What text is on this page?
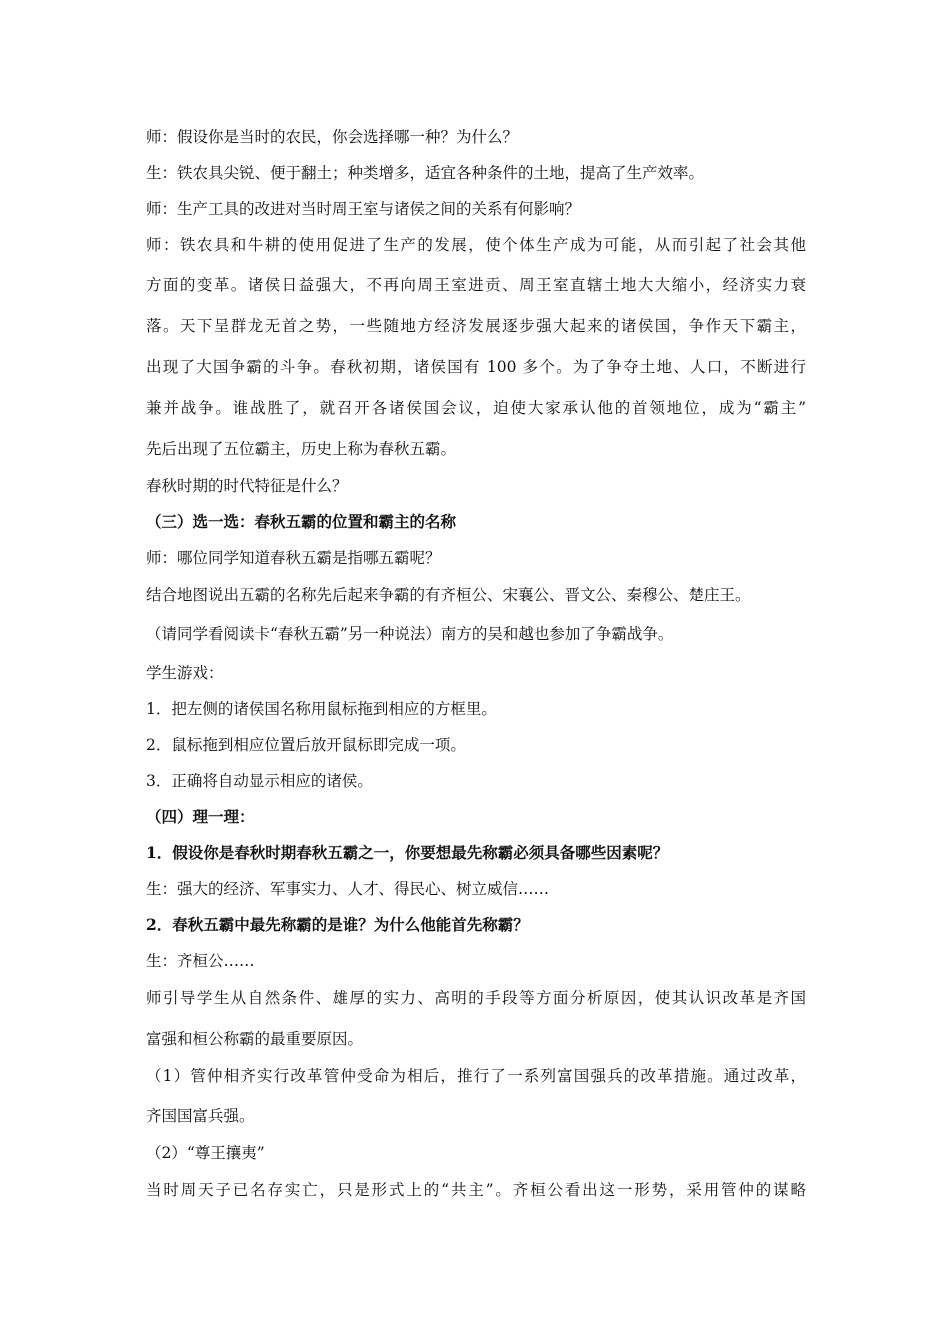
师：假设你是当时的农民，你会选择哪一种？为什么？
生：铁农具尖锐、便于翻土；种类增多，适宜各种条件的土地，提高了生产效率。
师：生产工具的改进对当时周王室与诸侯之间的关系有何影响？
师：铁农具和牛耕的使用促进了生产的发展，使个体生产成为可能，从而引起了社会其他
方面的变革。诸侯日益强大，不再向周王室进贡、周王室直辖土地大大缩小，经济实力衰
落。天下呈群龙无首之势，一些随地方经济发展逐步强大起来的诸侯国，争作天下霸主，
出现了大国争霸的斗争。春秋初期，诸侯国有 100 多个。为了争夺土地、人口，不断进行
兼并战争。谁战胜了，就召开各诸侯国会议，迫使大家承认他的首领地位，成为“霸主”
先后出现了五位霸主，历史上称为春秋五霸。
春秋时期的时代特征是什么？
（三）选一选：春秋五霸的位置和霸主的名称
师：哪位同学知道春秋五霸是指哪五霸呢？
结合地图说出五霸的名称先后起来争霸的有齐桓公、宋襄公、晋文公、秦穆公、楚庄王。
（请同学看阅读卡“春秋五霸”另一种说法）南方的吴和越也参加了争霸战争。
学生游戏：
1．把左侧的诸侯国名称用鼠标拖到相应的方框里。
2．鼠标拖到相应位置后放开鼠标即完成一项。
3．正确将自动显示相应的诸侯。
（四）理一理：
1．假设你是春秋时期春秋五霸之一，你要想最先称霸必须具备哪些因素呢？
生：强大的经济、军事实力、人才、得民心、树立威信……
2．春秋五霸中最先称霸的是谁？为什么他能首先称霸？
生：齐桓公……
师引导学生从自然条件、雄厚的实力、高明的手段等方面分析原因，使其认识改革是齐国
富强和桓公称霸的最重要原因。
（1）管仲相齐实行改革管仲受命为相后，推行了一系列富国强兵的改革措施。通过改革，
齐国国富兵强。
（2）“尊王攘夷”
当时周天子已名存实亡，只是形式上的“共主”。齐桓公看出这一形势，采用管仲的谋略
